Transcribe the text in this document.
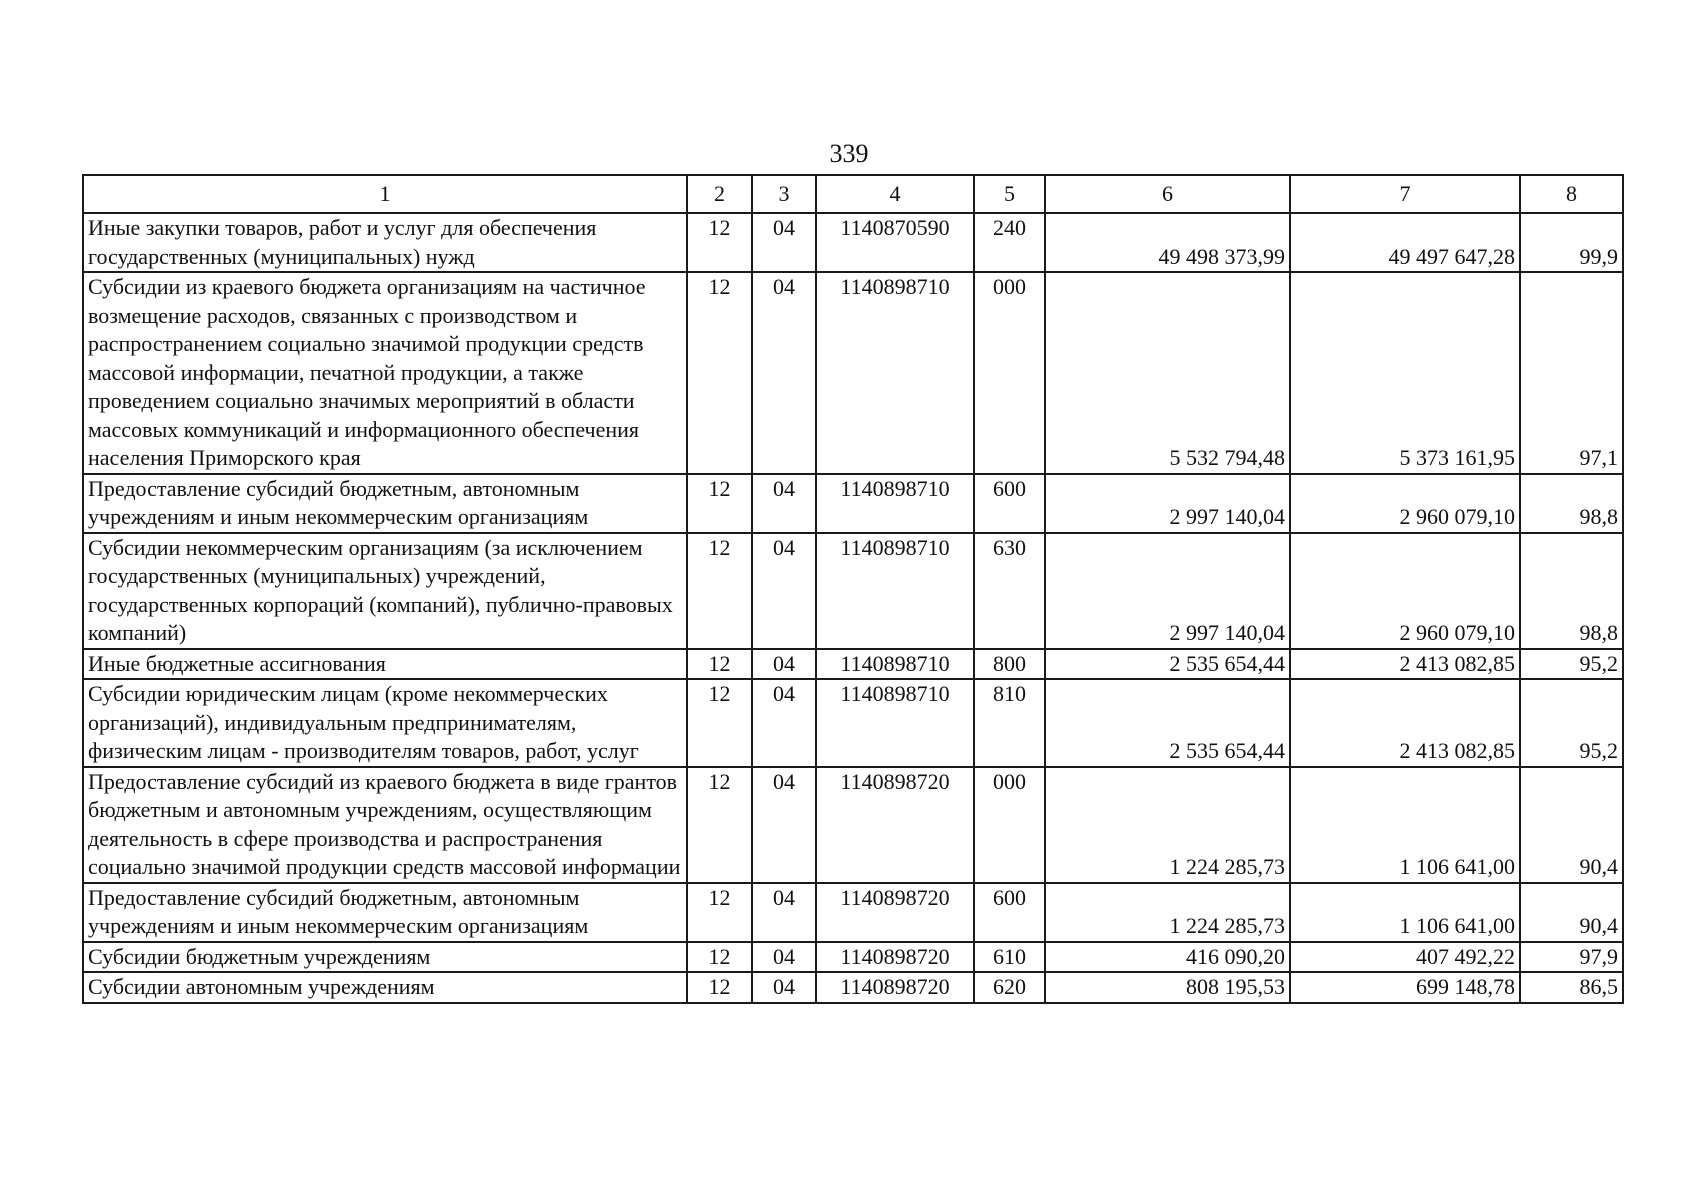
339
1	2	3	4	5	6	7	8
Иные закупки товаров, работ и услуг для обеспечения государственных (муниципальных) нужд	12	04	1140870590	240	49 498 373,99	49 497 647,28	99,9
Субсидии из краевого бюджета организациям на частичное возмещение расходов, связанных с производством и распространением социально значимой продукции средств массовой информации, печатной продукции, а также проведением социально значимых мероприятий в области массовых коммуникаций и информационного обеспечения населения Приморского края	12	04	1140898710	000	5 532 794,48	5 373 161,95	97,1
Предоставление субсидий бюджетным, автономным учреждениям и иным некоммерческим организациям	12	04	1140898710	600	2 997 140,04	2 960 079,10	98,8
Субсидии некоммерческим организациям (за исключением государственных (муниципальных) учреждений, государственных корпораций (компаний), публично-правовых компаний)	12	04	1140898710	630	2 997 140,04	2 960 079,10	98,8
Иные бюджетные ассигнования	12	04	1140898710	800	2 535 654,44	2 413 082,85	95,2
Субсидии юридическим лицам (кроме некоммерческих организаций), индивидуальным предпринимателям, физическим лицам - производителям товаров, работ, услуг	12	04	1140898710	810	2 535 654,44	2 413 082,85	95,2
Предоставление субсидий из краевого бюджета в виде грантов бюджетным и автономным учреждениям, осуществляющим деятельность в сфере производства и распространения социально значимой продукции средств массовой информации	12	04	1140898720	000	1 224 285,73	1 106 641,00	90,4
Предоставление субсидий бюджетным, автономным учреждениям и иным некоммерческим организациям	12	04	1140898720	600	1 224 285,73	1 106 641,00	90,4
Субсидии бюджетным учреждениям	12	04	1140898720	610	416 090,20	407 492,22	97,9
Субсидии автономным учреждениям	12	04	1140898720	620	808 195,53	699 148,78	86,5
